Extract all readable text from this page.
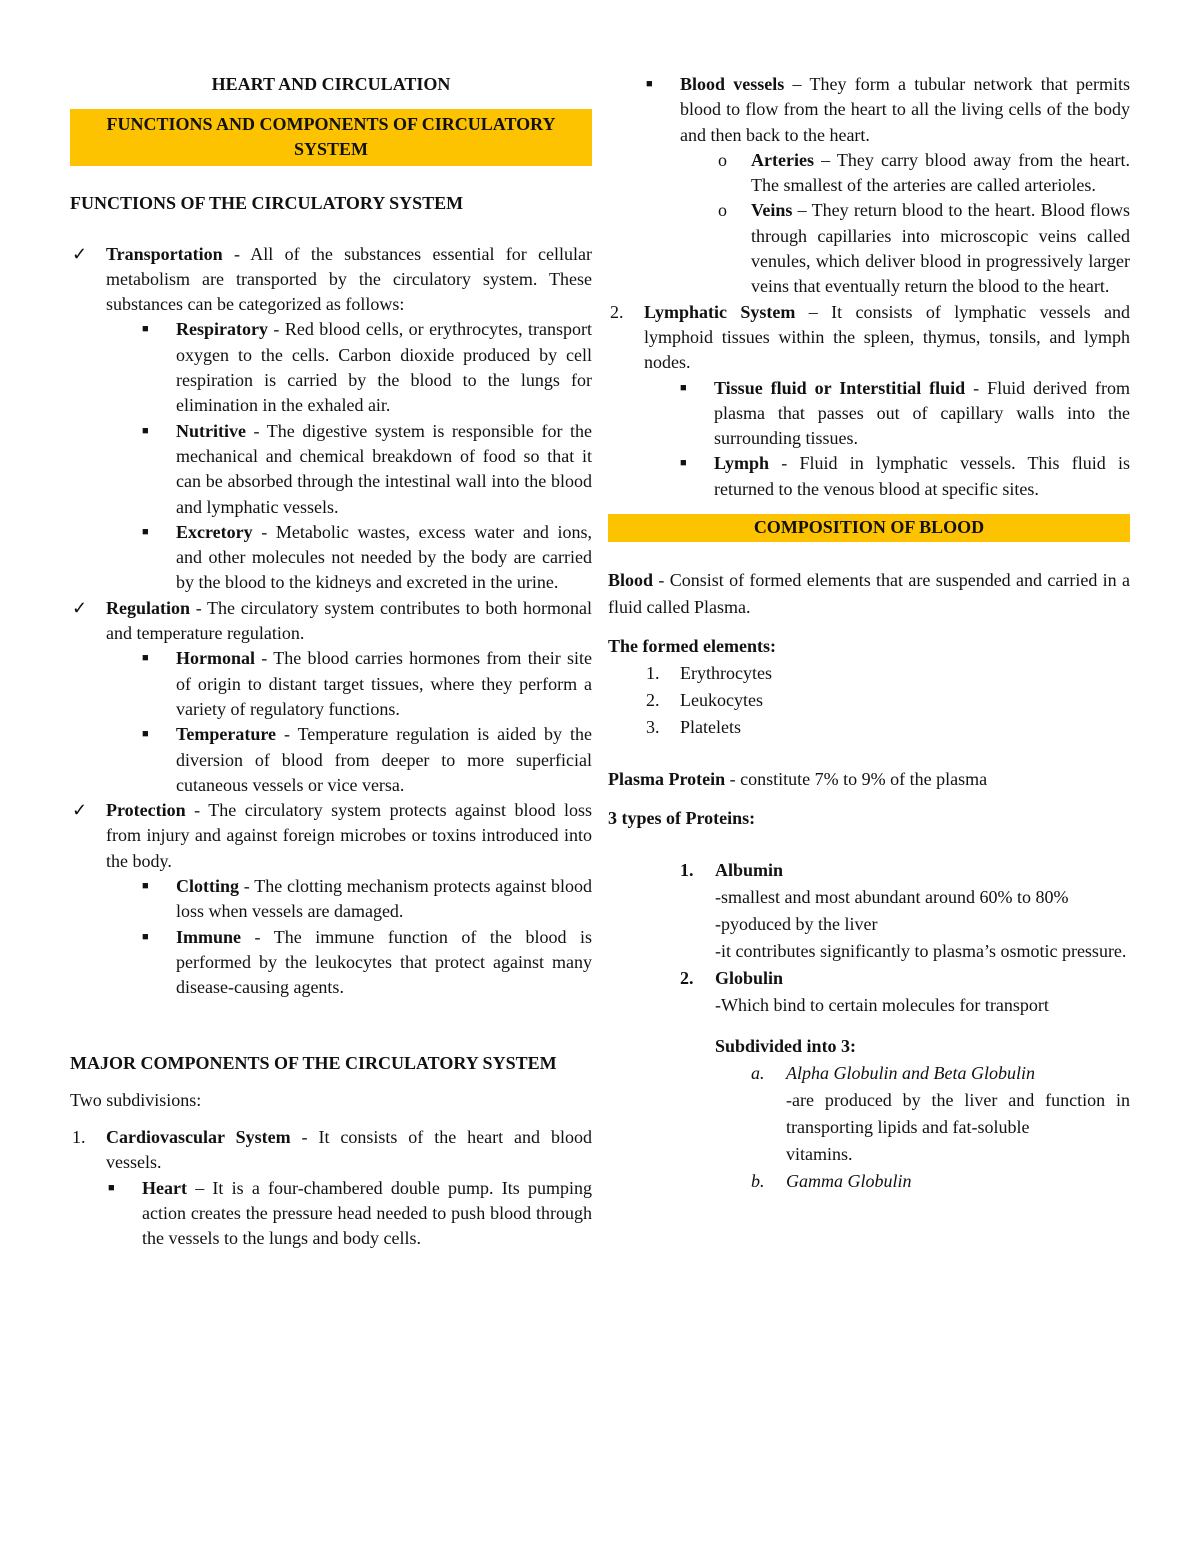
HEART AND CIRCULATION
FUNCTIONS AND COMPONENTS OF CIRCULATORY SYSTEM
FUNCTIONS OF THE CIRCULATORY SYSTEM
✓ Transportation - All of the substances essential for cellular metabolism are transported by the circulatory system. These substances can be categorized as follows:
■ Respiratory - Red blood cells, or erythrocytes, transport oxygen to the cells. Carbon dioxide produced by cell respiration is carried by the blood to the lungs for elimination in the exhaled air.
■ Nutritive - The digestive system is responsible for the mechanical and chemical breakdown of food so that it can be absorbed through the intestinal wall into the blood and lymphatic vessels.
■ Excretory - Metabolic wastes, excess water and ions, and other molecules not needed by the body are carried by the blood to the kidneys and excreted in the urine.
✓ Regulation - The circulatory system contributes to both hormonal and temperature regulation.
■ Hormonal - The blood carries hormones from their site of origin to distant target tissues, where they perform a variety of regulatory functions.
■ Temperature - Temperature regulation is aided by the diversion of blood from deeper to more superficial cutaneous vessels or vice versa.
✓ Protection - The circulatory system protects against blood loss from injury and against foreign microbes or toxins introduced into the body.
■ Clotting - The clotting mechanism protects against blood loss when vessels are damaged.
■ Immune - The immune function of the blood is performed by the leukocytes that protect against many disease-causing agents.
MAJOR COMPONENTS OF THE CIRCULATORY SYSTEM
Two subdivisions:
1. Cardiovascular System - It consists of the heart and blood vessels.
■ Heart – It is a four-chambered double pump. Its pumping action creates the pressure head needed to push blood through the vessels to the lungs and body cells.
■ Blood vessels – They form a tubular network that permits blood to flow from the heart to all the living cells of the body and then back to the heart.
o Arteries – They carry blood away from the heart. The smallest of the arteries are called arterioles.
o Veins – They return blood to the heart. Blood flows through capillaries into microscopic veins called venules, which deliver blood in progressively larger veins that eventually return the blood to the heart.
2. Lymphatic System – It consists of lymphatic vessels and lymphoid tissues within the spleen, thymus, tonsils, and lymph nodes.
■ Tissue fluid or Interstitial fluid - Fluid derived from plasma that passes out of capillary walls into the surrounding tissues.
■ Lymph - Fluid in lymphatic vessels. This fluid is returned to the venous blood at specific sites.
COMPOSITION OF BLOOD
Blood - Consist of formed elements that are suspended and carried in a fluid called Plasma.
The formed elements:
1. Erythrocytes
2. Leukocytes
3. Platelets
Plasma Protein - constitute 7% to 9% of the plasma
3 types of Proteins:
1. Albumin
-smallest and most abundant around 60% to 80%
-pyoduced by the liver
-it contributes significantly to plasma’s osmotic pressure.
2. Globulin
-Which bind to certain molecules for transport
Subdivided into 3:
a. Alpha Globulin and Beta Globulin
-are produced by the liver and function in transporting lipids and fat-soluble
vitamins.
b. Gamma Globulin
